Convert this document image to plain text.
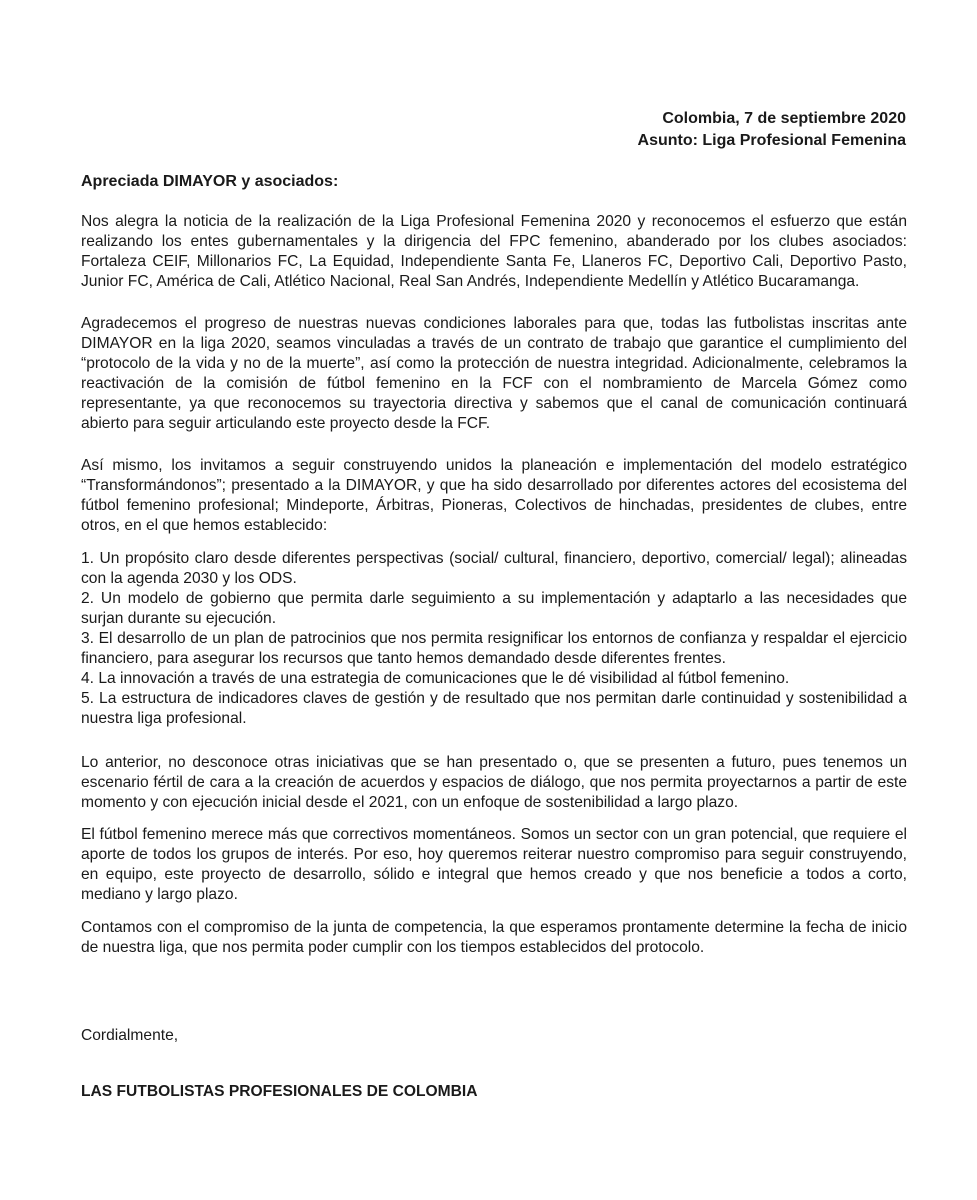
Colombia, 7 de septiembre 2020
Asunto: Liga Profesional Femenina
Apreciada DIMAYOR y asociados:

Nos alegra la noticia de la realización de la Liga Profesional Femenina 2020 y reconocemos el esfuerzo que están realizando los entes gubernamentales y la dirigencia del FPC femenino, abanderado por los clubes asociados: Fortaleza CEIF, Millonarios FC, La Equidad, Independiente Santa Fe, Llaneros FC, Deportivo Cali, Deportivo Pasto, Junior FC, América de Cali, Atlético Nacional, Real San Andrés, Independiente Medellín y Atlético Bucaramanga.

Agradecemos el progreso de nuestras nuevas condiciones laborales para que, todas las futbolistas inscritas ante DIMAYOR en la liga 2020, seamos vinculadas a través de un contrato de trabajo que garantice el cumplimiento del “protocolo de la vida y no de la muerte”, así como la protección de nuestra integridad. Adicionalmente, celebramos la reactivación de la comisión de fútbol femenino en la FCF con el nombramiento de Marcela Gómez como representante, ya que reconocemos su trayectoria directiva y sabemos que el canal de comunicación continuará abierto para seguir articulando este proyecto desde la FCF.

Así mismo, los invitamos a seguir construyendo unidos la planeación e implementación del modelo estratégico “Transformándonos”; presentado a la DIMAYOR, y que ha sido desarrollado por diferentes actores del ecosistema del fútbol femenino profesional; Mindeporte, Árbitras, Pioneras, Colectivos de hinchadas, presidentes de clubes, entre otros, en el que hemos establecido:

1. Un propósito claro desde diferentes perspectivas (social/ cultural, financiero, deportivo, comercial/ legal); alineadas con la agenda 2030 y los ODS.

2. Un modelo de gobierno que permita darle seguimiento a su implementación y adaptarlo a las necesidades que surjan durante su ejecución.

3. El desarrollo de un plan de patrocinios que nos permita resignificar los entornos de confianza y respaldar el ejercicio financiero, para asegurar los recursos que tanto hemos demandado desde diferentes frentes.

4. La innovación a través de una estrategia de comunicaciones que le dé visibilidad al fútbol femenino.

5. La estructura de indicadores claves de gestión y de resultado que nos permitan darle continuidad y sostenibilidad a nuestra liga profesional.

Lo anterior, no desconoce otras iniciativas que se han presentado o, que se presenten a futuro, pues tenemos un escenario fértil de cara a la creación de acuerdos y espacios de diálogo, que nos permita proyectarnos a partir de este momento y con ejecución inicial desde el 2021, con un enfoque de sostenibilidad a largo plazo.

El fútbol femenino merece más que correctivos momentáneos. Somos un sector con un gran potencial, que requiere el aporte de todos los grupos de interés. Por eso, hoy queremos reiterar nuestro compromiso para seguir construyendo, en equipo, este proyecto de desarrollo, sólido e integral que hemos creado y que nos beneficie a todos a corto, mediano y largo plazo.

Contamos con el compromiso de la junta de competencia, la que esperamos prontamente determine la fecha de inicio de nuestra liga, que nos permita poder cumplir con los tiempos establecidos del protocolo.

Cordialmente,
LAS FUTBOLISTAS PROFESIONALES DE COLOMBIA
